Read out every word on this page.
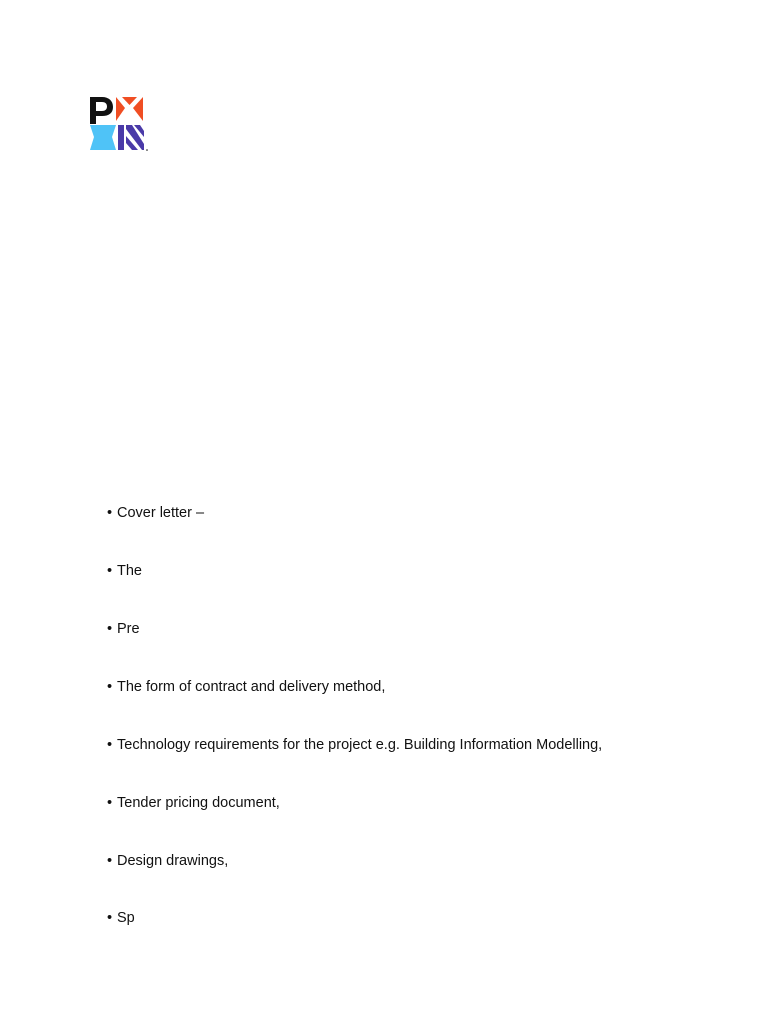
• Cover letter –
• The
• Pre
• The form of contract and delivery method,
• Technology requirements for the project e.g. Building Information Modelling,
• Tender pricing document,
• Design drawings,
• Sp
